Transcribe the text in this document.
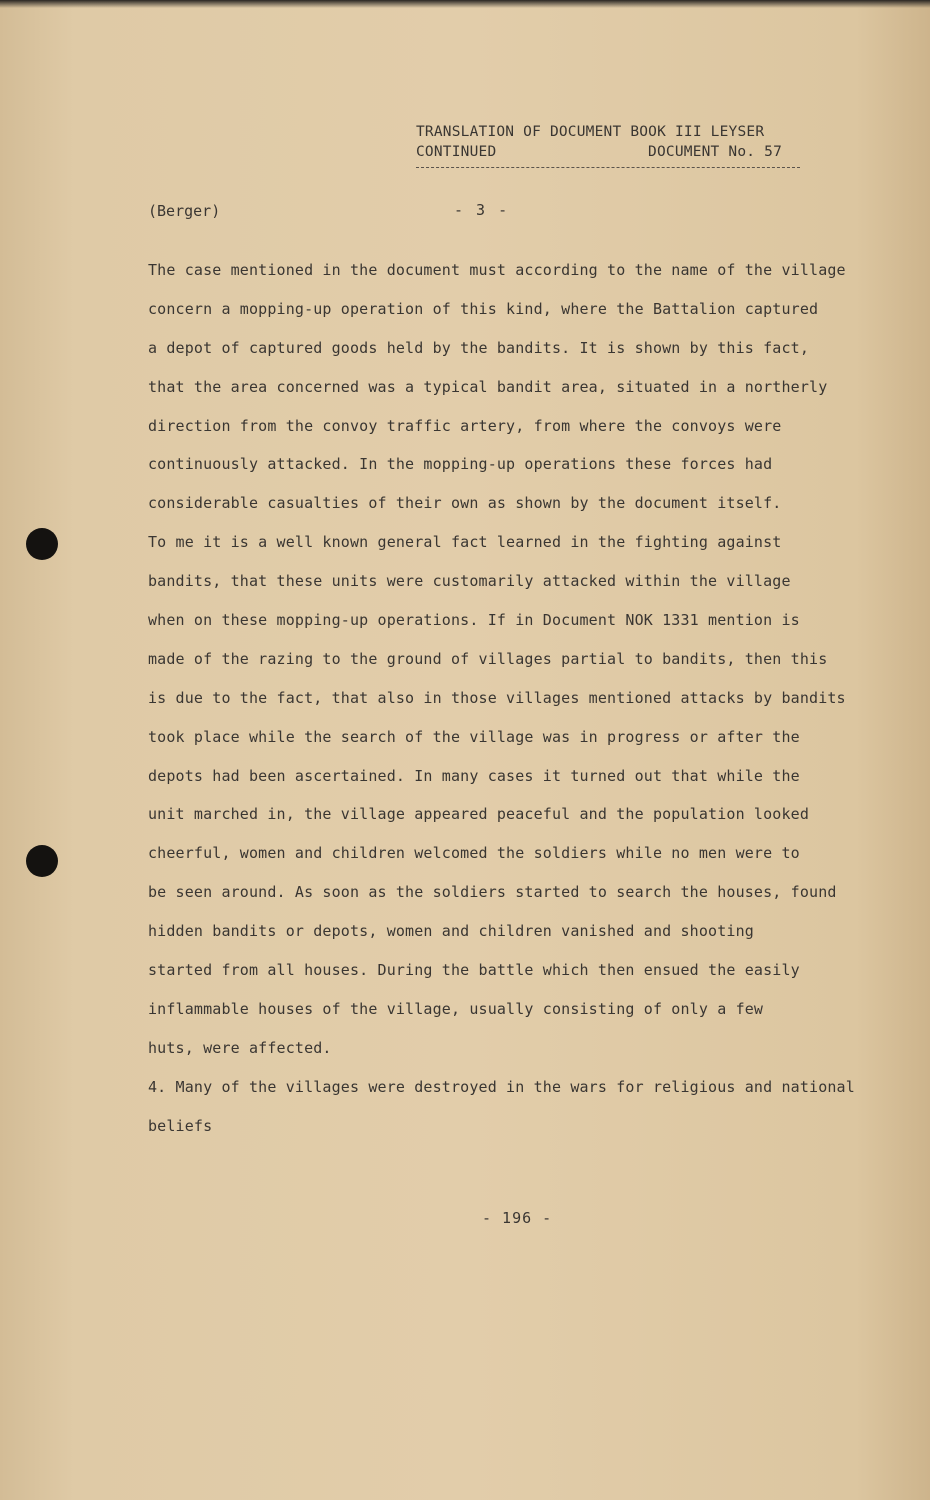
TRANSLATION OF DOCUMENT BOOK III LEYSER
CONTINUED	DOCUMENT No. 57
(Berger)	- 3 -
The case mentioned in the document must according to the name of the village
concern a mopping-up operation of this kind, where the Battalion captured
a depot of captured goods held by the bandits. It is shown by this fact,
that the area concerned was a typical bandit area, situated in a northerly
direction from the convoy traffic artery, from where the convoys were
continuously attacked. In the mopping-up operations these forces had
considerable casualties of their own as shown by the document itself.
To me it is a well known general fact learned in the fighting against
bandits, that these units were customarily attacked within the village
when on these mopping-up operations. If in Document NOK 1331 mention is
made of the razing to the ground of villages partial to bandits, then this
is due to the fact, that also in those villages mentioned attacks by bandits
took place while the search of the village was in progress or after the
depots had been ascertained. In many cases it turned out that while the
unit marched in, the village appeared peaceful and the population looked
cheerful, women and children welcomed the soldiers while no men were to
be seen around. As soon as the soldiers started to search the houses, found
hidden bandits or depots, women and children vanished and shooting
started from all houses. During the battle which then ensued the easily
inflammable houses of the village, usually consisting of only a few
huts, were affected.
4. Many of the villages were destroyed in the wars for religious and national
beliefs
- 196 -
